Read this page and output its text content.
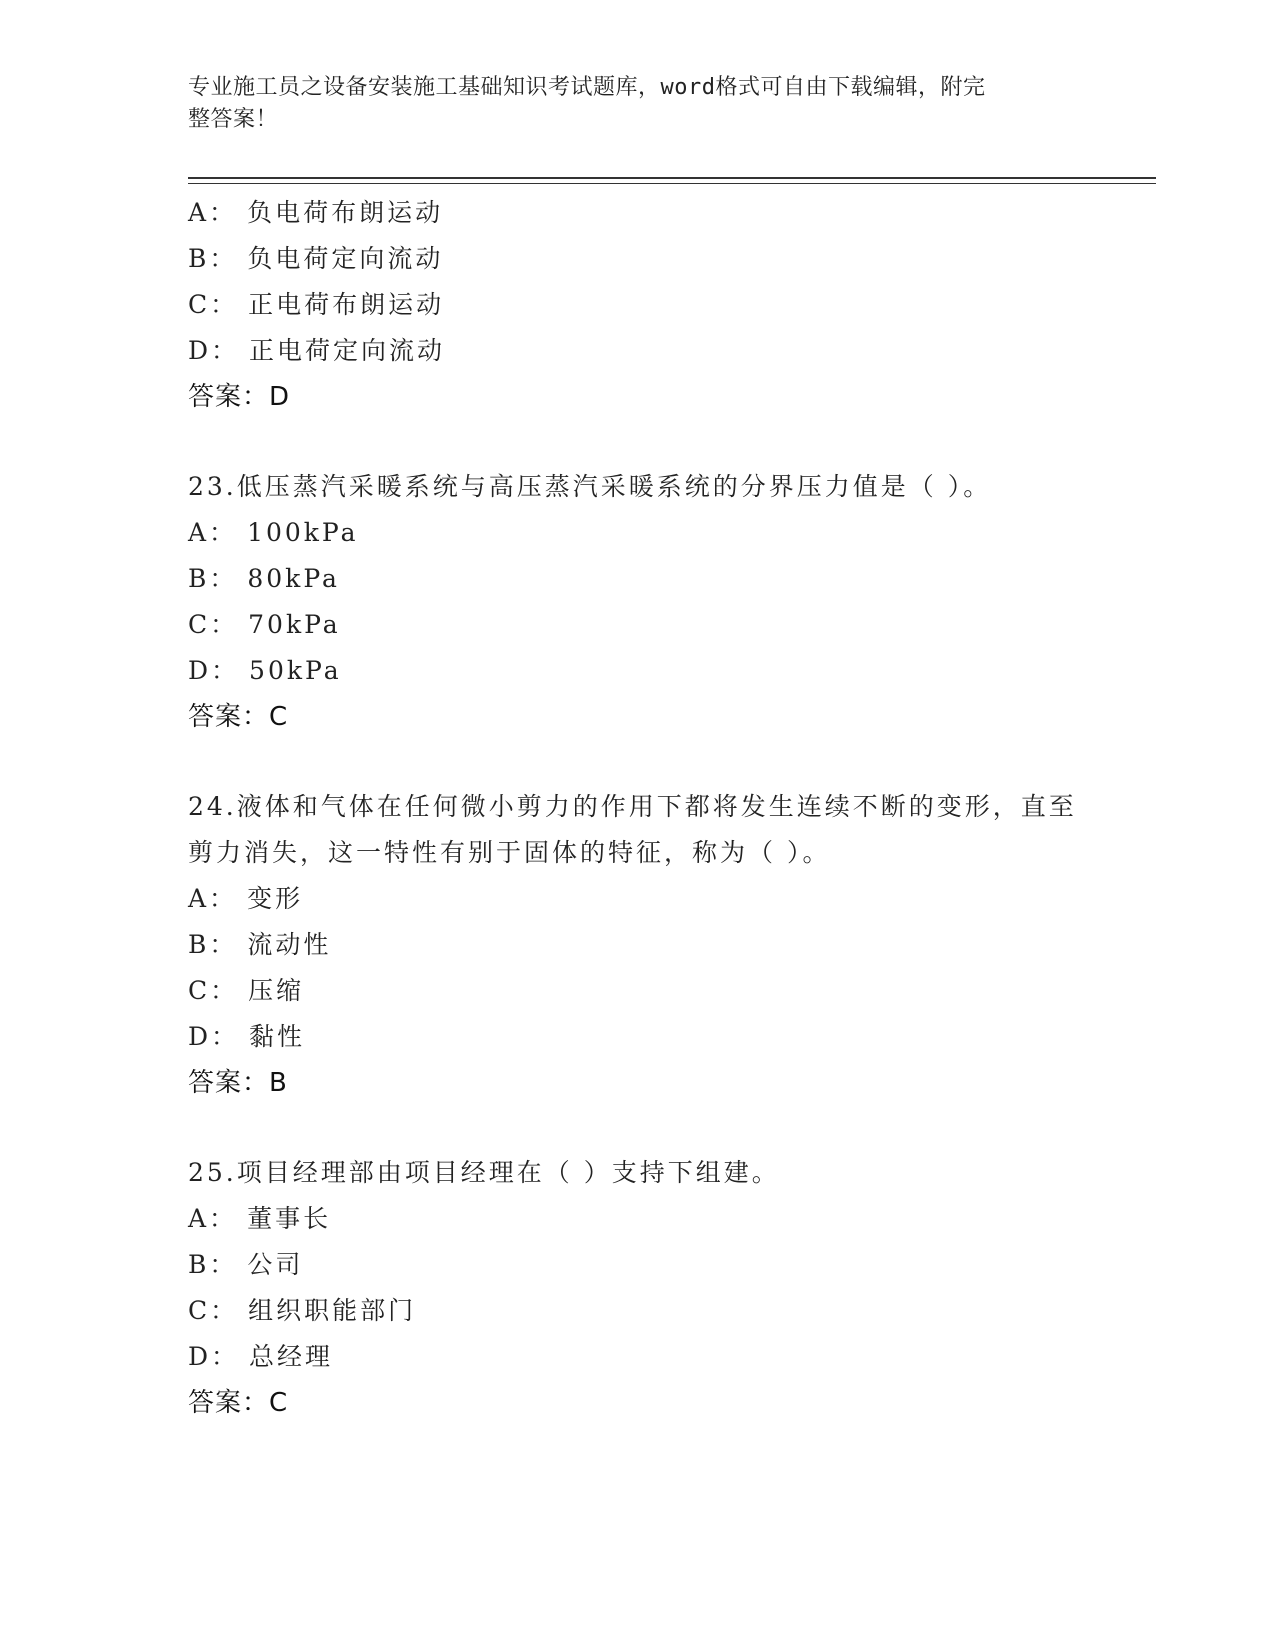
专业施工员之设备安装施工基础知识考试题库，word格式可自由下载编辑，附完
整答案！
A： 负电荷布朗运动
B： 负电荷定向流动
C： 正电荷布朗运动
D： 正电荷定向流动
答案：D
23.低压蒸汽采暖系统与高压蒸汽采暖系统的分界压力值是（ ）。
A： 100kPa
B： 80kPa
C： 70kPa
D： 50kPa
答案：C
24.液体和气体在任何微小剪力的作用下都将发生连续不断的变形，直至剪力消失，这一特性有别于固体的特征，称为（ ）。
A： 变形
B： 流动性
C： 压缩
D： 黏性
答案：B
25.项目经理部由项目经理在（ ）支持下组建。
A： 董事长
B： 公司
C： 组织职能部门
D： 总经理
答案：C
